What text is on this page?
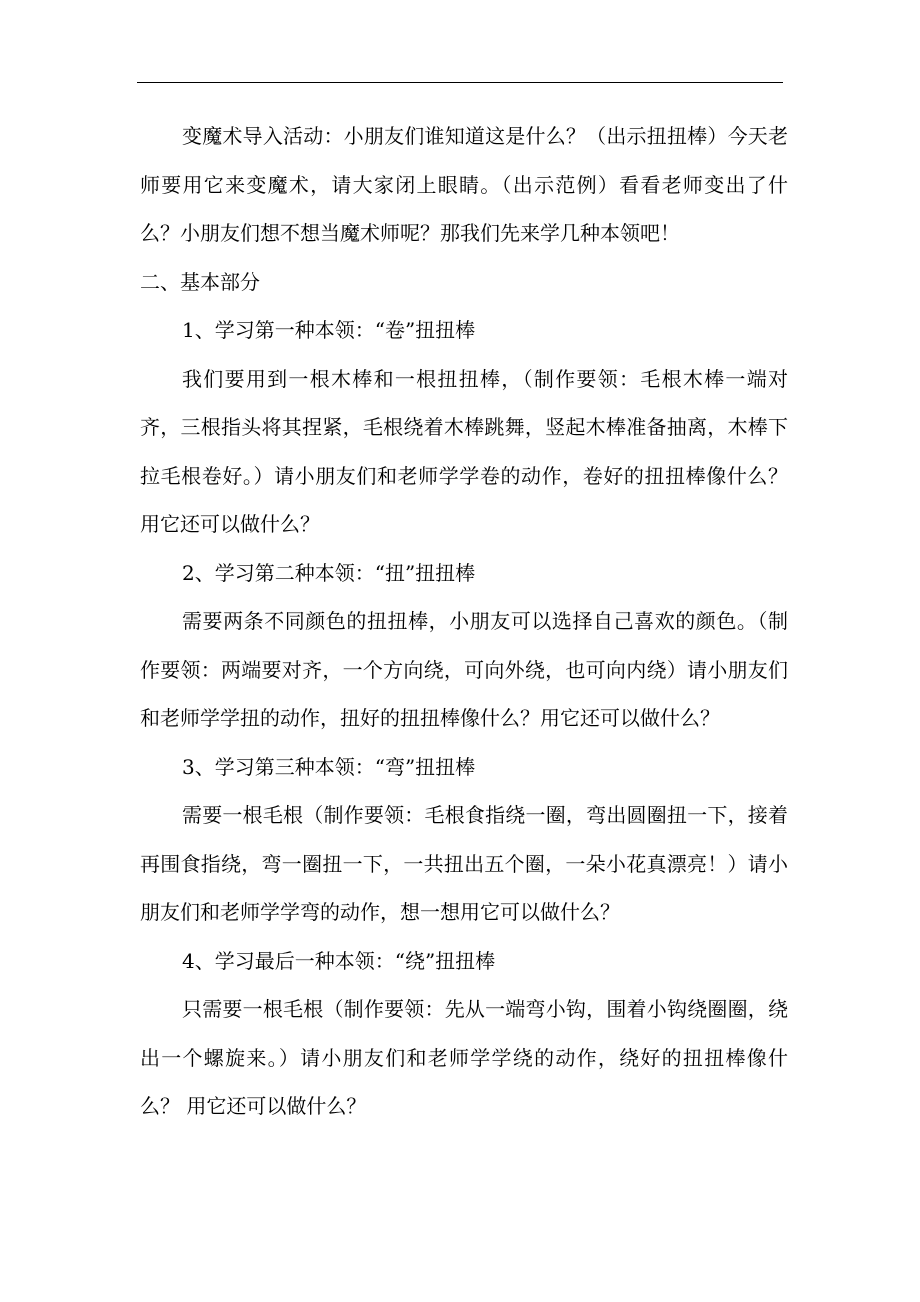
变魔术导入活动：小朋友们谁知道这是什么？（出示扭扭棒）今天老师要用它来变魔术，请大家闭上眼睛。（出示范例）看看老师变出了什么？小朋友们想不想当魔术师呢？那我们先来学几种本领吧！

二、基本部分

1、学习第一种本领：“卷”扭扭棒

我们要用到一根木棒和一根扭扭棒，（制作要领：毛根木棒一端对齐，三根指头将其捏紧，毛根绕着木棒跳舞，竖起木棒准备抽离，木棒下拉毛根卷好。）请小朋友们和老师学学卷的动作，卷好的扭扭棒像什么？用它还可以做什么？

2、学习第二种本领：“扭”扭扭棒

需要两条不同颜色的扭扭棒，小朋友可以选择自己喜欢的颜色。（制作要领：两端要对齐，一个方向绕，可向外绕，也可向内绕）请小朋友们和老师学学扭的动作，扭好的扭扭棒像什么？用它还可以做什么？

3、学习第三种本领：“弯”扭扭棒

需要一根毛根（制作要领：毛根食指绕一圈，弯出圆圈扭一下，接着再围食指绕，弯一圈扭一下，一共扭出五个圈，一朵小花真漂亮！）请小朋友们和老师学学弯的动作，想一想用它可以做什么？

4、学习最后一种本领：“绕”扭扭棒

只需要一根毛根（制作要领：先从一端弯小钩，围着小钩绕圈圈，绕出一个螺旋来。）请小朋友们和老师学学绕的动作，绕好的扭扭棒像什么？ 用它还可以做什么？
